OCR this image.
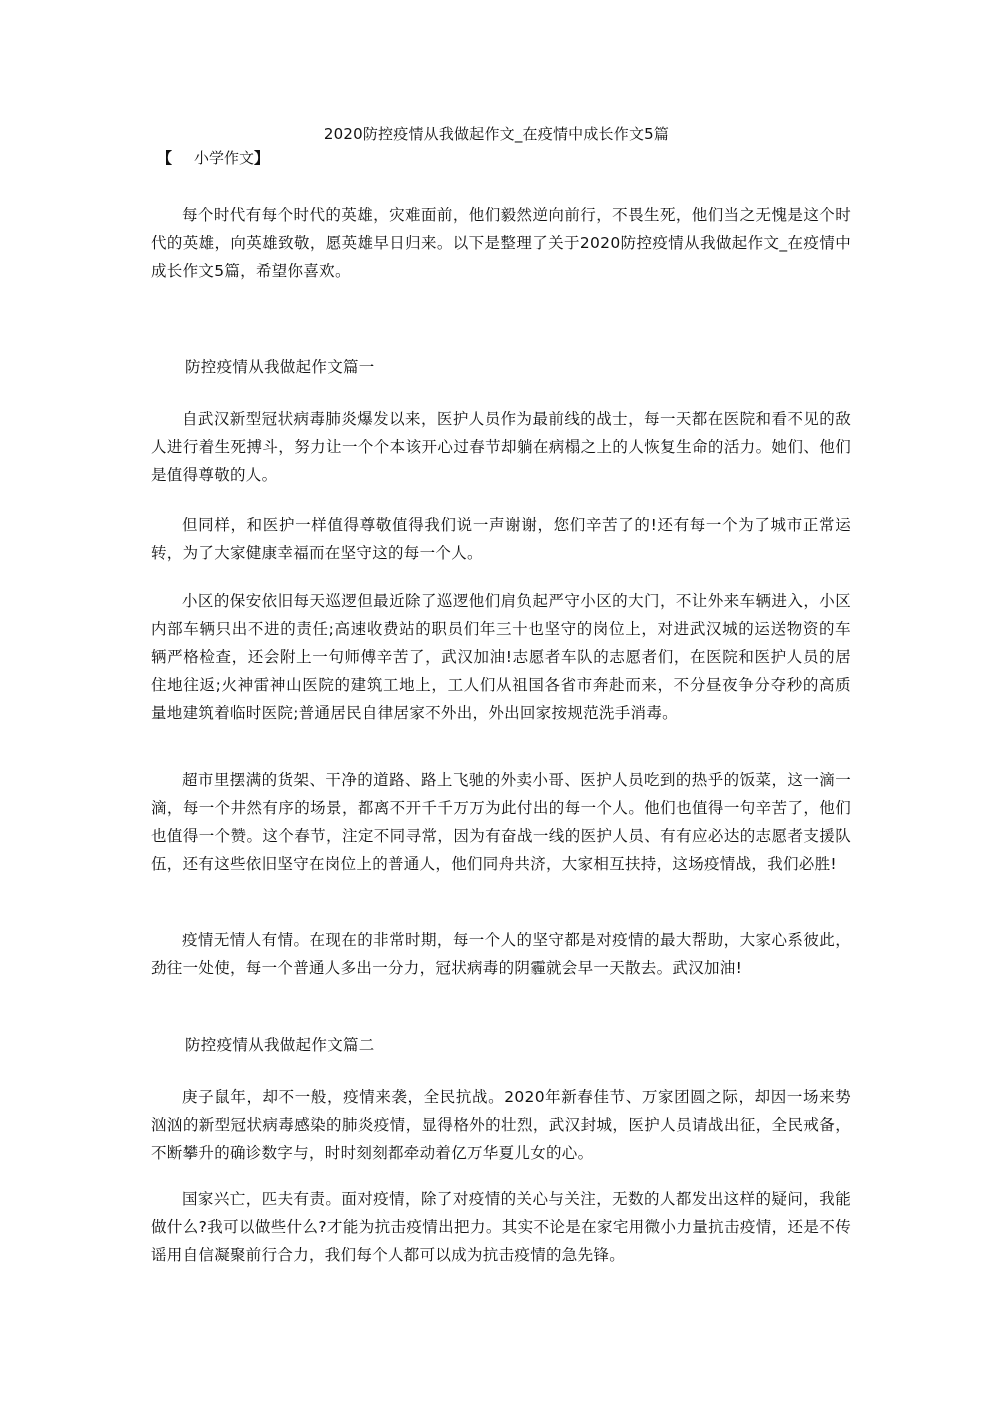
2020防控疫情从我做起作文_在疫情中成长作文5篇
【 小学作文】

每个时代有每个时代的英雄，灾难面前，他们毅然逆向前行，不畏生死，他们当之无愧是这个时代的英雄，向英雄致敬，愿英雄早日归来。以下是整理了关于2020防控疫情从我做起作文_在疫情中成长作文5篇，希望你喜欢。

防控疫情从我做起作文篇一

自武汉新型冠状病毒肺炎爆发以来，医护人员作为最前线的战士，每一天都在医院和看不见的敌人进行着生死搏斗，努力让一个个本该开心过春节却躺在病榻之上的人恢复生命的活力。她们、他们是值得尊敬的人。

但同样，和医护一样值得尊敬值得我们说一声谢谢，您们辛苦了的!还有每一个为了城市正常运转，为了大家健康幸福而在坚守这的每一个人。

小区的保安依旧每天巡逻但最近除了巡逻他们肩负起严守小区的大门，不让外来车辆进入，小区内部车辆只出不进的责任;高速收费站的职员们年三十也坚守的岗位上，对进武汉城的运送物资的车辆严格检查，还会附上一句师傅辛苦了，武汉加油!志愿者车队的志愿者们，在医院和医护人员的居住地往返;火神雷神山医院的建筑工地上，工人们从祖国各省市奔赴而来，不分昼夜争分夺秒的高质量地建筑着临时医院;普通居民自律居家不外出，外出回家按规范洗手消毒。

超市里摆满的货架、干净的道路、路上飞驰的外卖小哥、医护人员吃到的热乎的饭菜，这一滴一滴，每一个井然有序的场景，都离不开千千万万为此付出的每一个人。他们也值得一句辛苦了，他们也值得一个赞。这个春节，注定不同寻常，因为有奋战一线的医护人员、有有应必达的志愿者支援队伍，还有这些依旧坚守在岗位上的普通人，他们同舟共济，大家相互扶持，这场疫情战，我们必胜!

疫情无情人有情。在现在的非常时期，每一个人的坚守都是对疫情的最大帮助，大家心系彼此，劲往一处使，每一个普通人多出一分力，冠状病毒的阴霾就会早一天散去。武汉加油!

防控疫情从我做起作文篇二

庚子鼠年，却不一般，疫情来袭，全民抗战。2020年新春佳节、万家团圆之际，却因一场来势汹汹的新型冠状病毒感染的肺炎疫情，显得格外的壮烈，武汉封城，医护人员请战出征，全民戒备，不断攀升的确诊数字与，时时刻刻都牵动着亿万华夏儿女的心。

国家兴亡，匹夫有责。面对疫情，除了对疫情的关心与关注，无数的人都发出这样的疑问，我能做什么?我可以做些什么?才能为抗击疫情出把力。其实不论是在家宅用微小力量抗击疫情，还是不传谣用自信凝聚前行合力，我们每个人都可以成为抗击疫情的急先锋。
